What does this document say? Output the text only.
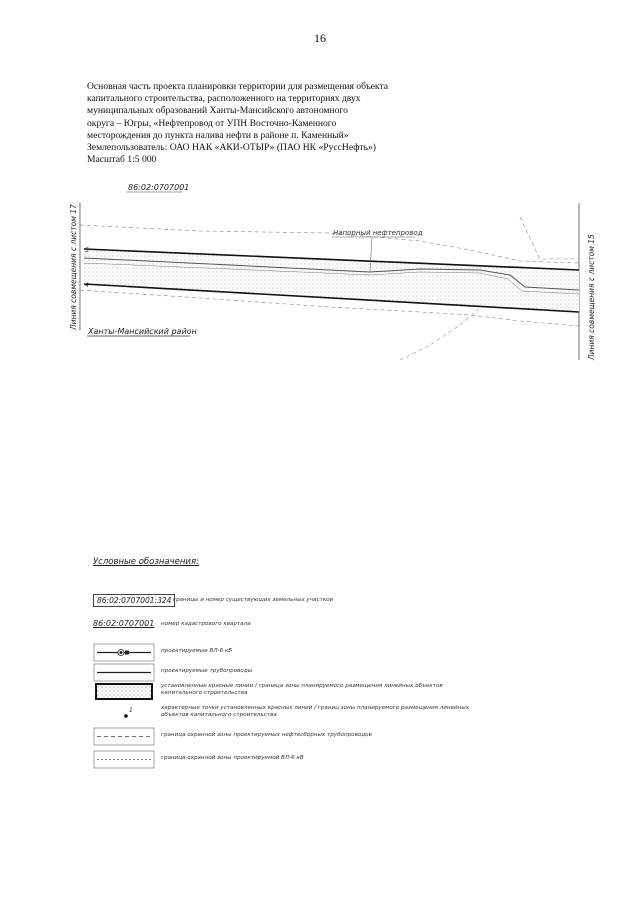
16
Основная часть проекта планировки территории для размещения объекта
капитального строительства, расположенного на территориях двух
муниципальных образований Ханты-Мансийского автономного
округа – Югры, «Нефтепровод от УПН Восточно-Каменного
месторождения до пункта налива нефти в районе п. Каменный»
Землепользователь: ОАО НАК «АКИ-ОТЫР» (ПАО НК «РуссНефть»)
Масштаб 1:5 000
86:02:0707001
Напорный нефтепровод
5
4
Линия совмещения с листом 17	Линия совмещения с листом 15
Ханты-Мансийский район
Условные обозначения:
86:02:0707001:324 границы и номер существующих земельных участков
86:02:0707001 номер кадастрового квартала
проектируемые ВЛ-6 кВ
проектируемые трубопроводы
установленные красные линии / граница зоны планируемого размещения линейных объектов капитального строительства
1	характерные точки установленных красных линий / границ зоны планируемого размещения линейных объектов капитального строительства
граница охранной зоны проектируемых нефтесборных трубопроводов
граница охранной зоны проектируемой ВЛ-6 кВ
